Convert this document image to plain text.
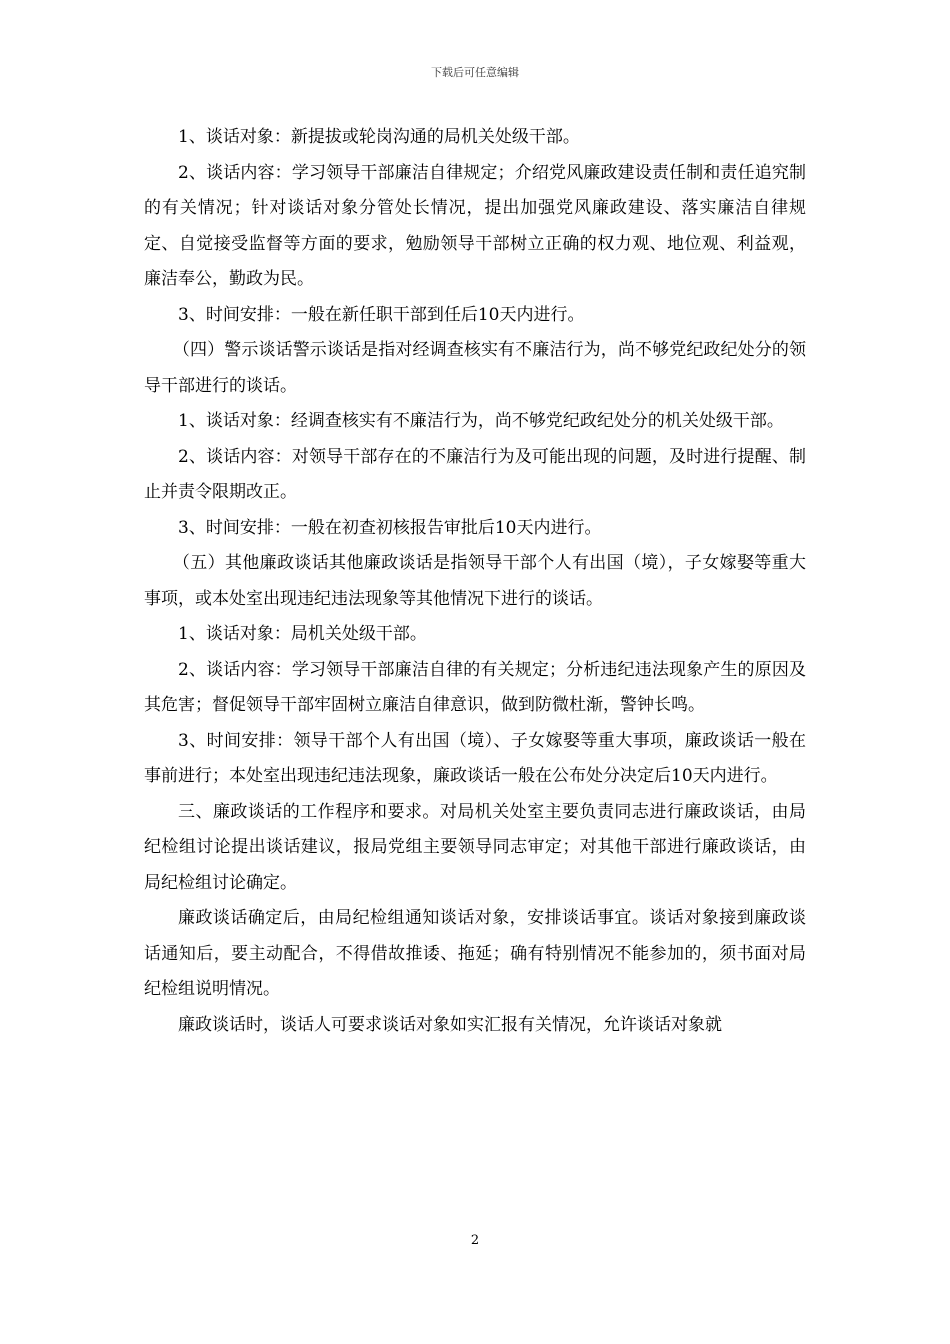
下载后可任意编辑

1、谈话对象：新提拔或轮岗沟通的局机关处级干部。

2、谈话内容：学习领导干部廉洁自律规定；介绍党风廉政建设责任制和责任追究制的有关情况；针对谈话对象分管处长情况，提出加强党风廉政建设、落实廉洁自律规定、自觉接受监督等方面的要求，勉励领导干部树立正确的权力观、地位观、利益观，廉洁奉公，勤政为民。

3、时间安排：一般在新任职干部到任后10天内进行。

（四）警示谈话警示谈话是指对经调查核实有不廉洁行为，尚不够党纪政纪处分的领导干部进行的谈话。

1、谈话对象：经调查核实有不廉洁行为，尚不够党纪政纪处分的机关处级干部。

2、谈话内容：对领导干部存在的不廉洁行为及可能出现的问题，及时进行提醒、制止并责令限期改正。

3、时间安排：一般在初查初核报告审批后10天内进行。

（五）其他廉政谈话其他廉政谈话是指领导干部个人有出国（境），子女嫁娶等重大事项，或本处室出现违纪违法现象等其他情况下进行的谈话。

1、谈话对象：局机关处级干部。

2、谈话内容：学习领导干部廉洁自律的有关规定；分析违纪违法现象产生的原因及其危害；督促领导干部牢固树立廉洁自律意识，做到防微杜渐，警钟长鸣。

3、时间安排：领导干部个人有出国（境）、子女嫁娶等重大事项，廉政谈话一般在事前进行；本处室出现违纪违法现象，廉政谈话一般在公布处分决定后10天内进行。

三、廉政谈话的工作程序和要求。对局机关处室主要负责同志进行廉政谈话，由局纪检组讨论提出谈话建议，报局党组主要领导同志审定；对其他干部进行廉政谈话，由局纪检组讨论确定。

廉政谈话确定后，由局纪检组通知谈话对象，安排谈话事宜。谈话对象接到廉政谈话通知后，要主动配合，不得借故推诿、拖延；确有特别情况不能参加的，须书面对局纪检组说明情况。

廉政谈话时，谈话人可要求谈话对象如实汇报有关情况，允许谈话对象就

2
